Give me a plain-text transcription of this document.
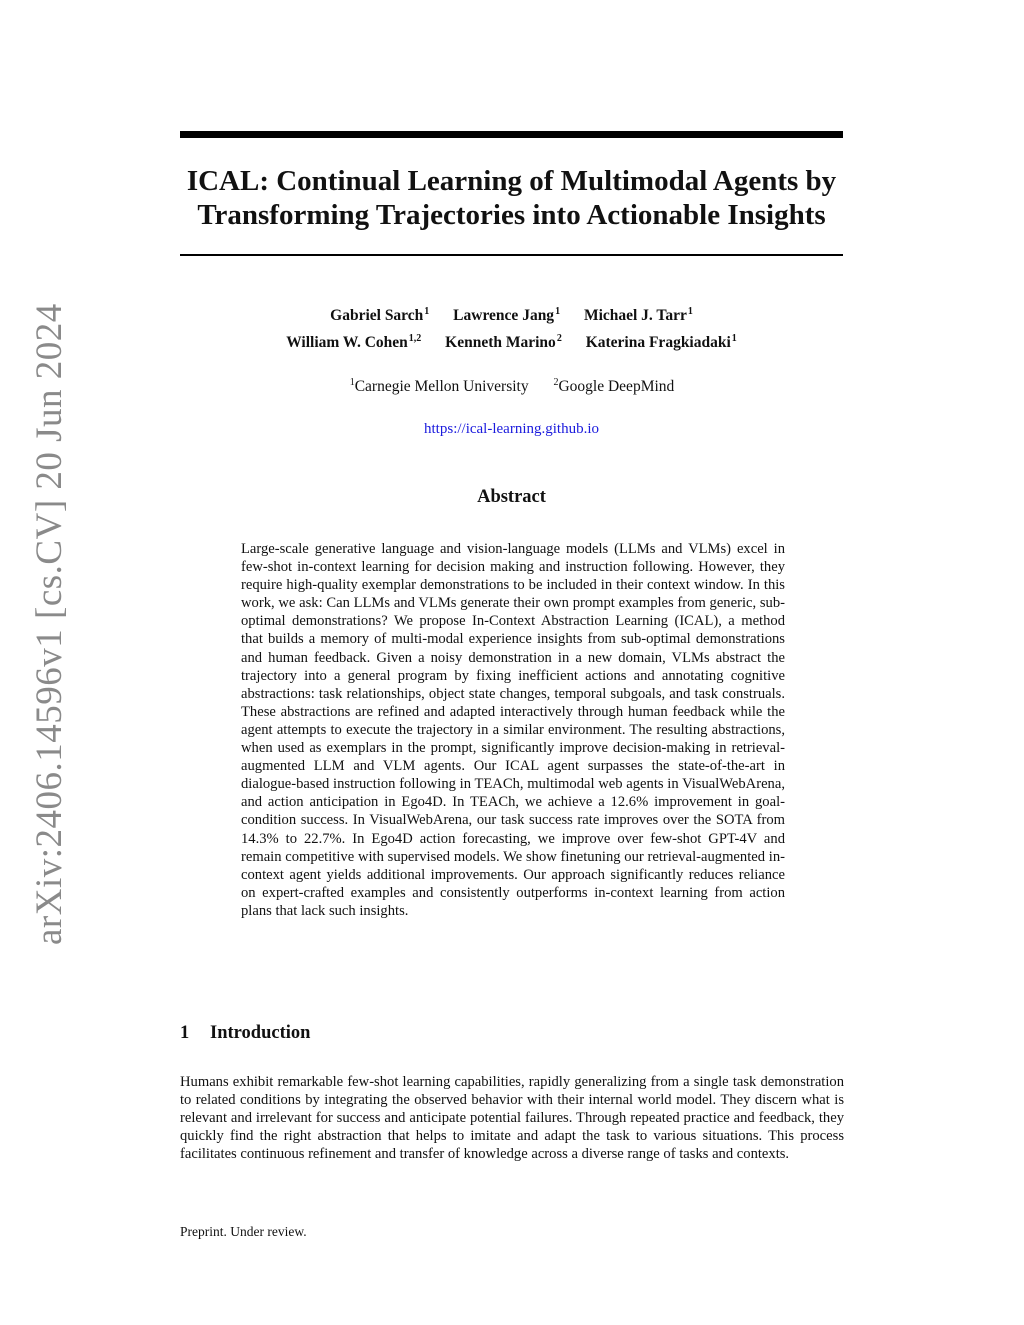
arXiv:2406.14596v1 [cs.CV] 20 Jun 2024
ICAL: Continual Learning of Multimodal Agents by
Transforming Trajectories into Actionable Insights
Gabriel Sarch$^1$ Lawrence Jang$^1$ Michael J. Tarr$^1$
William W. Cohen$^{1,2}$ Kenneth Marino$^2$ Katerina Fragkiadaki$^1$
$^1$Carnegie Mellon University $^2$Google DeepMind
https://ical-learning.github.io
Abstract
Large-scale generative language and vision-language models (LLMs and VLMs) excel in few-shot in-context learning for decision making and instruction following. However, they require high-quality exemplar demonstrations to be included in their context window. In this work, we ask: Can LLMs and VLMs generate their own prompt examples from generic, sub-optimal demonstrations? We propose In-Context Abstraction Learning (ICAL), a method that builds a memory of multi-modal experience insights from sub-optimal demonstrations and human feedback. Given a noisy demonstration in a new domain, VLMs abstract the trajectory into a general program by fixing inefficient actions and annotating cognitive abstractions: task relationships, object state changes, temporal subgoals, and task construals. These abstractions are refined and adapted interactively through human feedback while the agent attempts to execute the trajectory in a similar environment. The resulting abstractions, when used as exemplars in the prompt, significantly improve decision-making in retrieval-augmented LLM and VLM agents. Our ICAL agent surpasses the state-of-the-art in dialogue-based instruction following in TEACh, multimodal web agents in VisualWebArena, and action anticipation in Ego4D. In TEACh, we achieve a 12.6% improvement in goal-condition success. In VisualWebArena, our task success rate improves over the SOTA from 14.3% to 22.7%. In Ego4D action forecasting, we improve over few-shot GPT-4V and remain competitive with supervised models. We show finetuning our retrieval-augmented in-context agent yields additional improvements. Our approach significantly reduces reliance on expert-crafted examples and consistently outperforms in-context learning from action plans that lack such insights.
1 Introduction
Humans exhibit remarkable few-shot learning capabilities, rapidly generalizing from a single task demonstration to related conditions by integrating the observed behavior with their internal world model. They discern what is relevant and irrelevant for success and anticipate potential failures. Through repeated practice and feedback, they quickly find the right abstraction that helps to imitate and adapt the task to various situations. This process facilitates continuous refinement and transfer of knowledge across a diverse range of tasks and contexts.
Preprint. Under review.
